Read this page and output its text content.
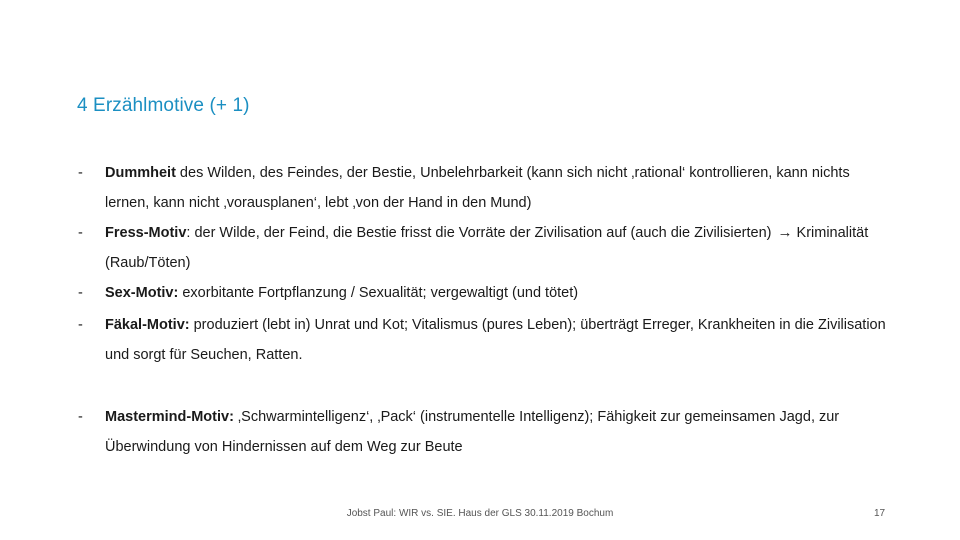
4 Erzählmotive (+ 1)
- Dummheit des Wilden, des Feindes, der Bestie, Unbelehrbarkeit (kann sich nicht ‚rational‘ kontrollieren, kann nichts lernen, kann nicht ‚vorausplanen‘, lebt ‚von der Hand in den Mund)
- Fress-Motiv: der Wilde, der Feind, die Bestie frisst die Vorräte der Zivilisation auf (auch die Zivilisierten) → Kriminalität (Raub/Töten)
- Sex-Motiv: exorbitante Fortpflanzung / Sexualität; vergewaltigt (und tötet)
- Fäkal-Motiv: produziert (lebt in) Unrat und Kot; Vitalismus (pures Leben); überträgt Erreger, Krankheiten in die Zivilisation und sorgt für Seuchen, Ratten.
- Mastermind-Motiv: ‚Schwarmintelligenz‘, ‚Pack‘ (instrumentelle Intelligenz); Fähigkeit zur gemeinsamen Jagd, zur Überwindung von Hindernissen auf dem Weg zur Beute
Jobst Paul: WIR vs. SIE. Haus der GLS 30.11.2019 Bochum	17
